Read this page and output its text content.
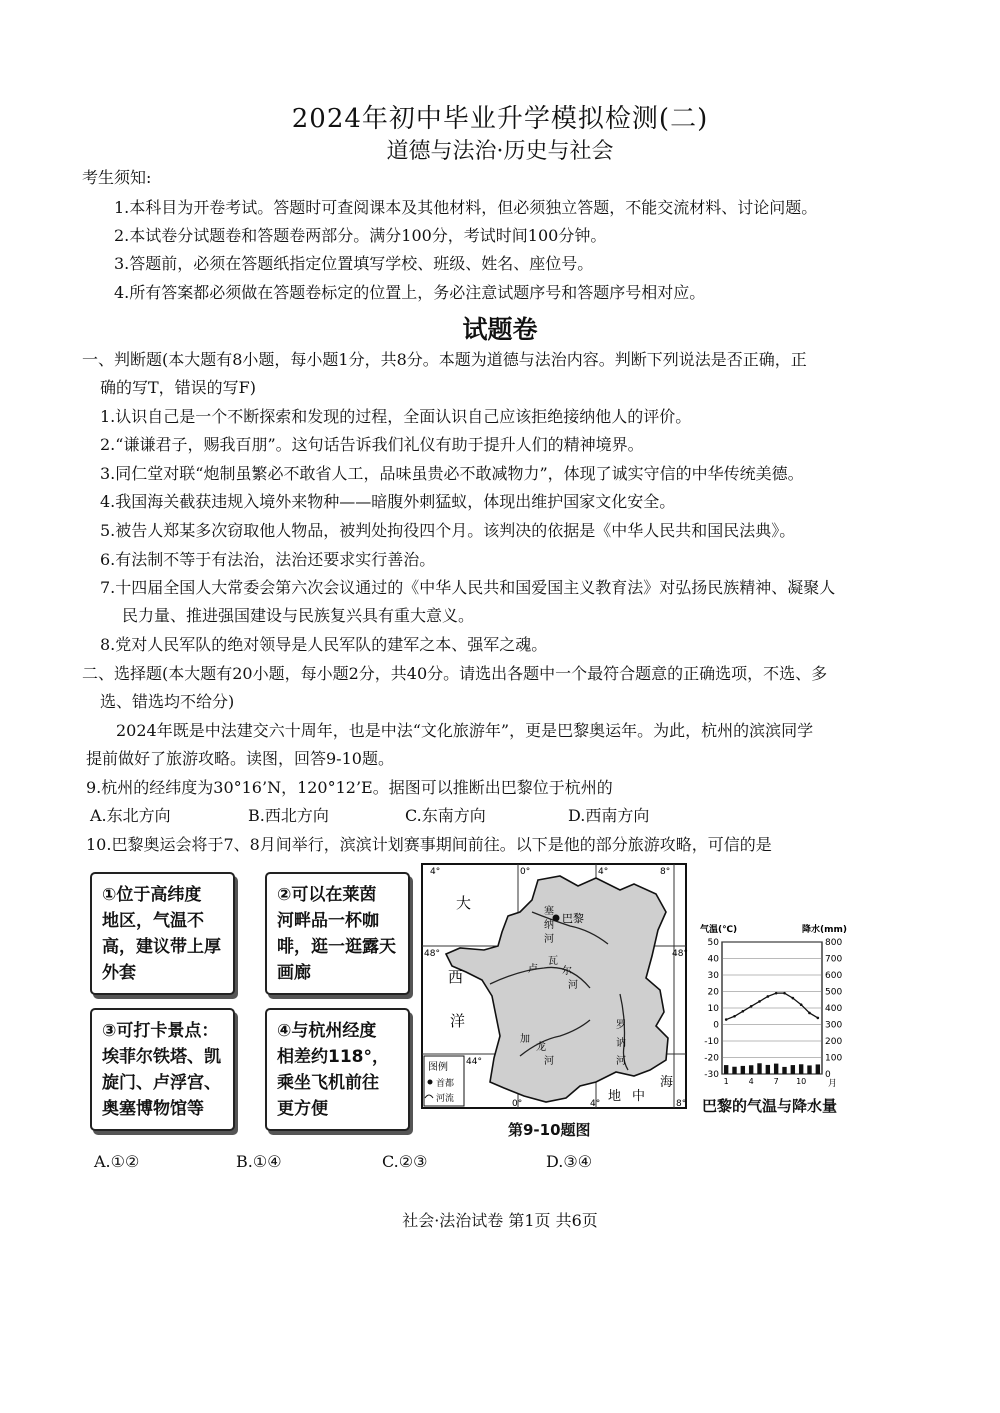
2024年初中毕业升学模拟检测(二)
道德与法治·历史与社会
考生须知:
1.本科目为开卷考试。答题时可查阅课本及其他材料，但必须独立答题，不能交流材料、讨论问题。
2.本试卷分试题卷和答题卷两部分。满分100分，考试时间100分钟。
3.答题前，必须在答题纸指定位置填写学校、班级、姓名、座位号。
4.所有答案都必须做在答题卷标定的位置上，务必注意试题序号和答题序号相对应。
试题卷
一、判断题(本大题有8小题，每小题1分，共8分。本题为道德与法治内容。判断下列说法是否正确，正
确的写T，错误的写F)
1.认识自己是一个不断探索和发现的过程，全面认识自己应该拒绝接纳他人的评价。
2.“谦谦君子，赐我百朋”。这句话告诉我们礼仪有助于提升人们的精神境界。
3.同仁堂对联“炮制虽繁必不敢省人工，品味虽贵必不敢减物力”，体现了诚实守信的中华传统美德。
4.我国海关截获违规入境外来物种——暗腹外刺猛蚁，体现出维护国家文化安全。
5.被告人郑某多次窃取他人物品，被判处拘役四个月。该判决的依据是《中华人民共和国民法典》。
6.有法制不等于有法治，法治还要求实行善治。
7.十四届全国人大常委会第六次会议通过的《中华人民共和国爱国主义教育法》对弘扬民族精神、凝聚人
民力量、推进强国建设与民族复兴具有重大意义。
8.党对人民军队的绝对领导是人民军队的建军之本、强军之魂。
二、选择题(本大题有20小题，每小题2分，共40分。请选出各题中一个最符合题意的正确选项，不选、多
选、错选均不给分)
2024年既是中法建交六十周年，也是中法“文化旅游年”，更是巴黎奥运年。为此，杭州的滨滨同学
提前做好了旅游攻略。读图，回答9-10题。
9.杭州的经纬度为30°16’N，120°12’E。据图可以推断出巴黎位于杭州的
A.东北方向	B.西北方向	C.东南方向	D.西南方向
10.巴黎奥运会将于7、8月间举行，滨滨计划赛事期间前往。以下是他的部分旅游攻略，可信的是
①位于高纬度
地区，气温不
高，建议带上厚
外套
②可以在莱茵
河畔品一杯咖
啡，逛一逛露天
画廊
③可打卡景点：
埃菲尔铁塔、凯
旋门、卢浮宫、
奥塞博物馆等
④与杭州经度
相差约118°，
乘坐飞机前往
更方便
大
西
洋
巴黎
塞
纳
河
卢
瓦
尔
河
加
龙
河
罗
讷
河
地 中
海
4°	0°	4°	8°
48°	48°
44°
0°	4°	8°
图例
首都
河流
第9-10题图
气温(℃)	降水(mm)
50
40
30
20
10
0
-10
-20
-30
800
700
600
500
400
300
200
100
0
1 4 7 10 月
巴黎的气温与降水量
A.①②	B.①④	C.②③	D.③④
社会·法治试卷 第1页 共6页
